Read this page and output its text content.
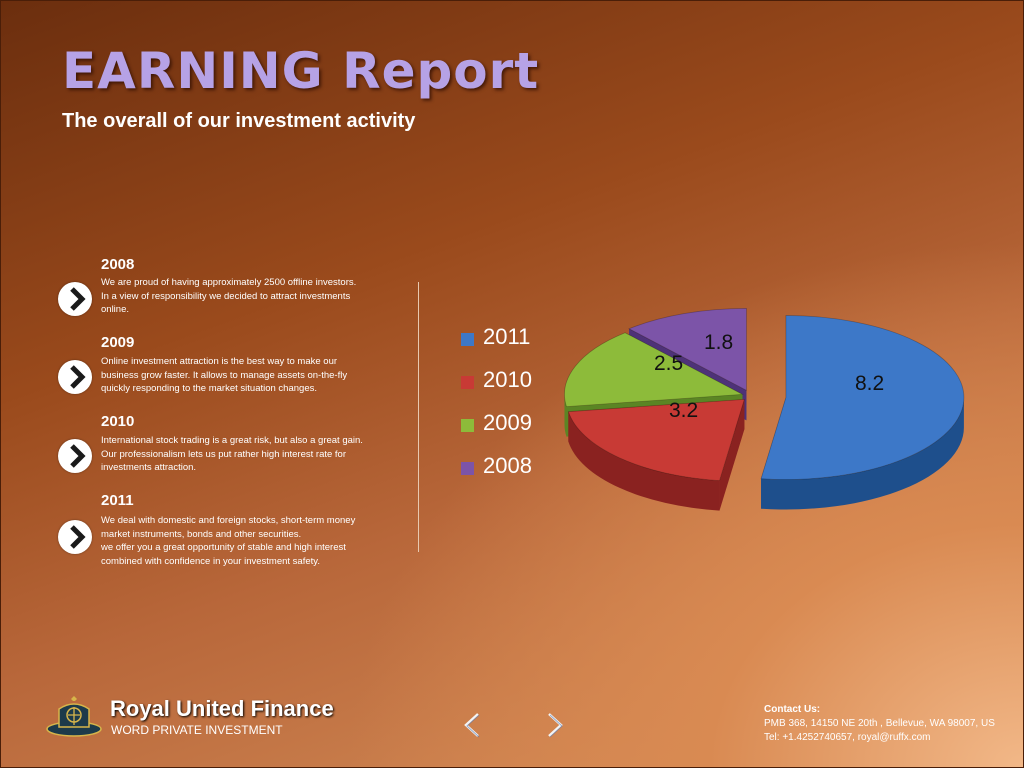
EARNING Report
The overall of our investment activity
2008
We are proud of having approximately 2500 offline investors.
In a view of responsibility we decided to attract investments
online.
2009
Online investment attraction is the best way to make our
business grow faster. It allows to manage assets on-the-fly
quickly responding to the market situation changes.
2010
International stock trading is a great risk, but also a great gain.
Our professionalism lets us put rather high interest rate for
investments attraction.
2011
We deal with domestic and foreign stocks, short-term money
market instruments, bonds and other securities.
we offer you a great opportunity of stable and high interest
combined with confidence in your investment safety.
2011
2010
2009
2008
8.2
3.2
2.5
1.8
Royal United Finance
WORD PRIVATE INVESTMENT
Contact Us:
PMB 368, 14150 NE 20th , Bellevue, WA 98007, US
Tel: +1.4252740657, royal@ruffx.com
